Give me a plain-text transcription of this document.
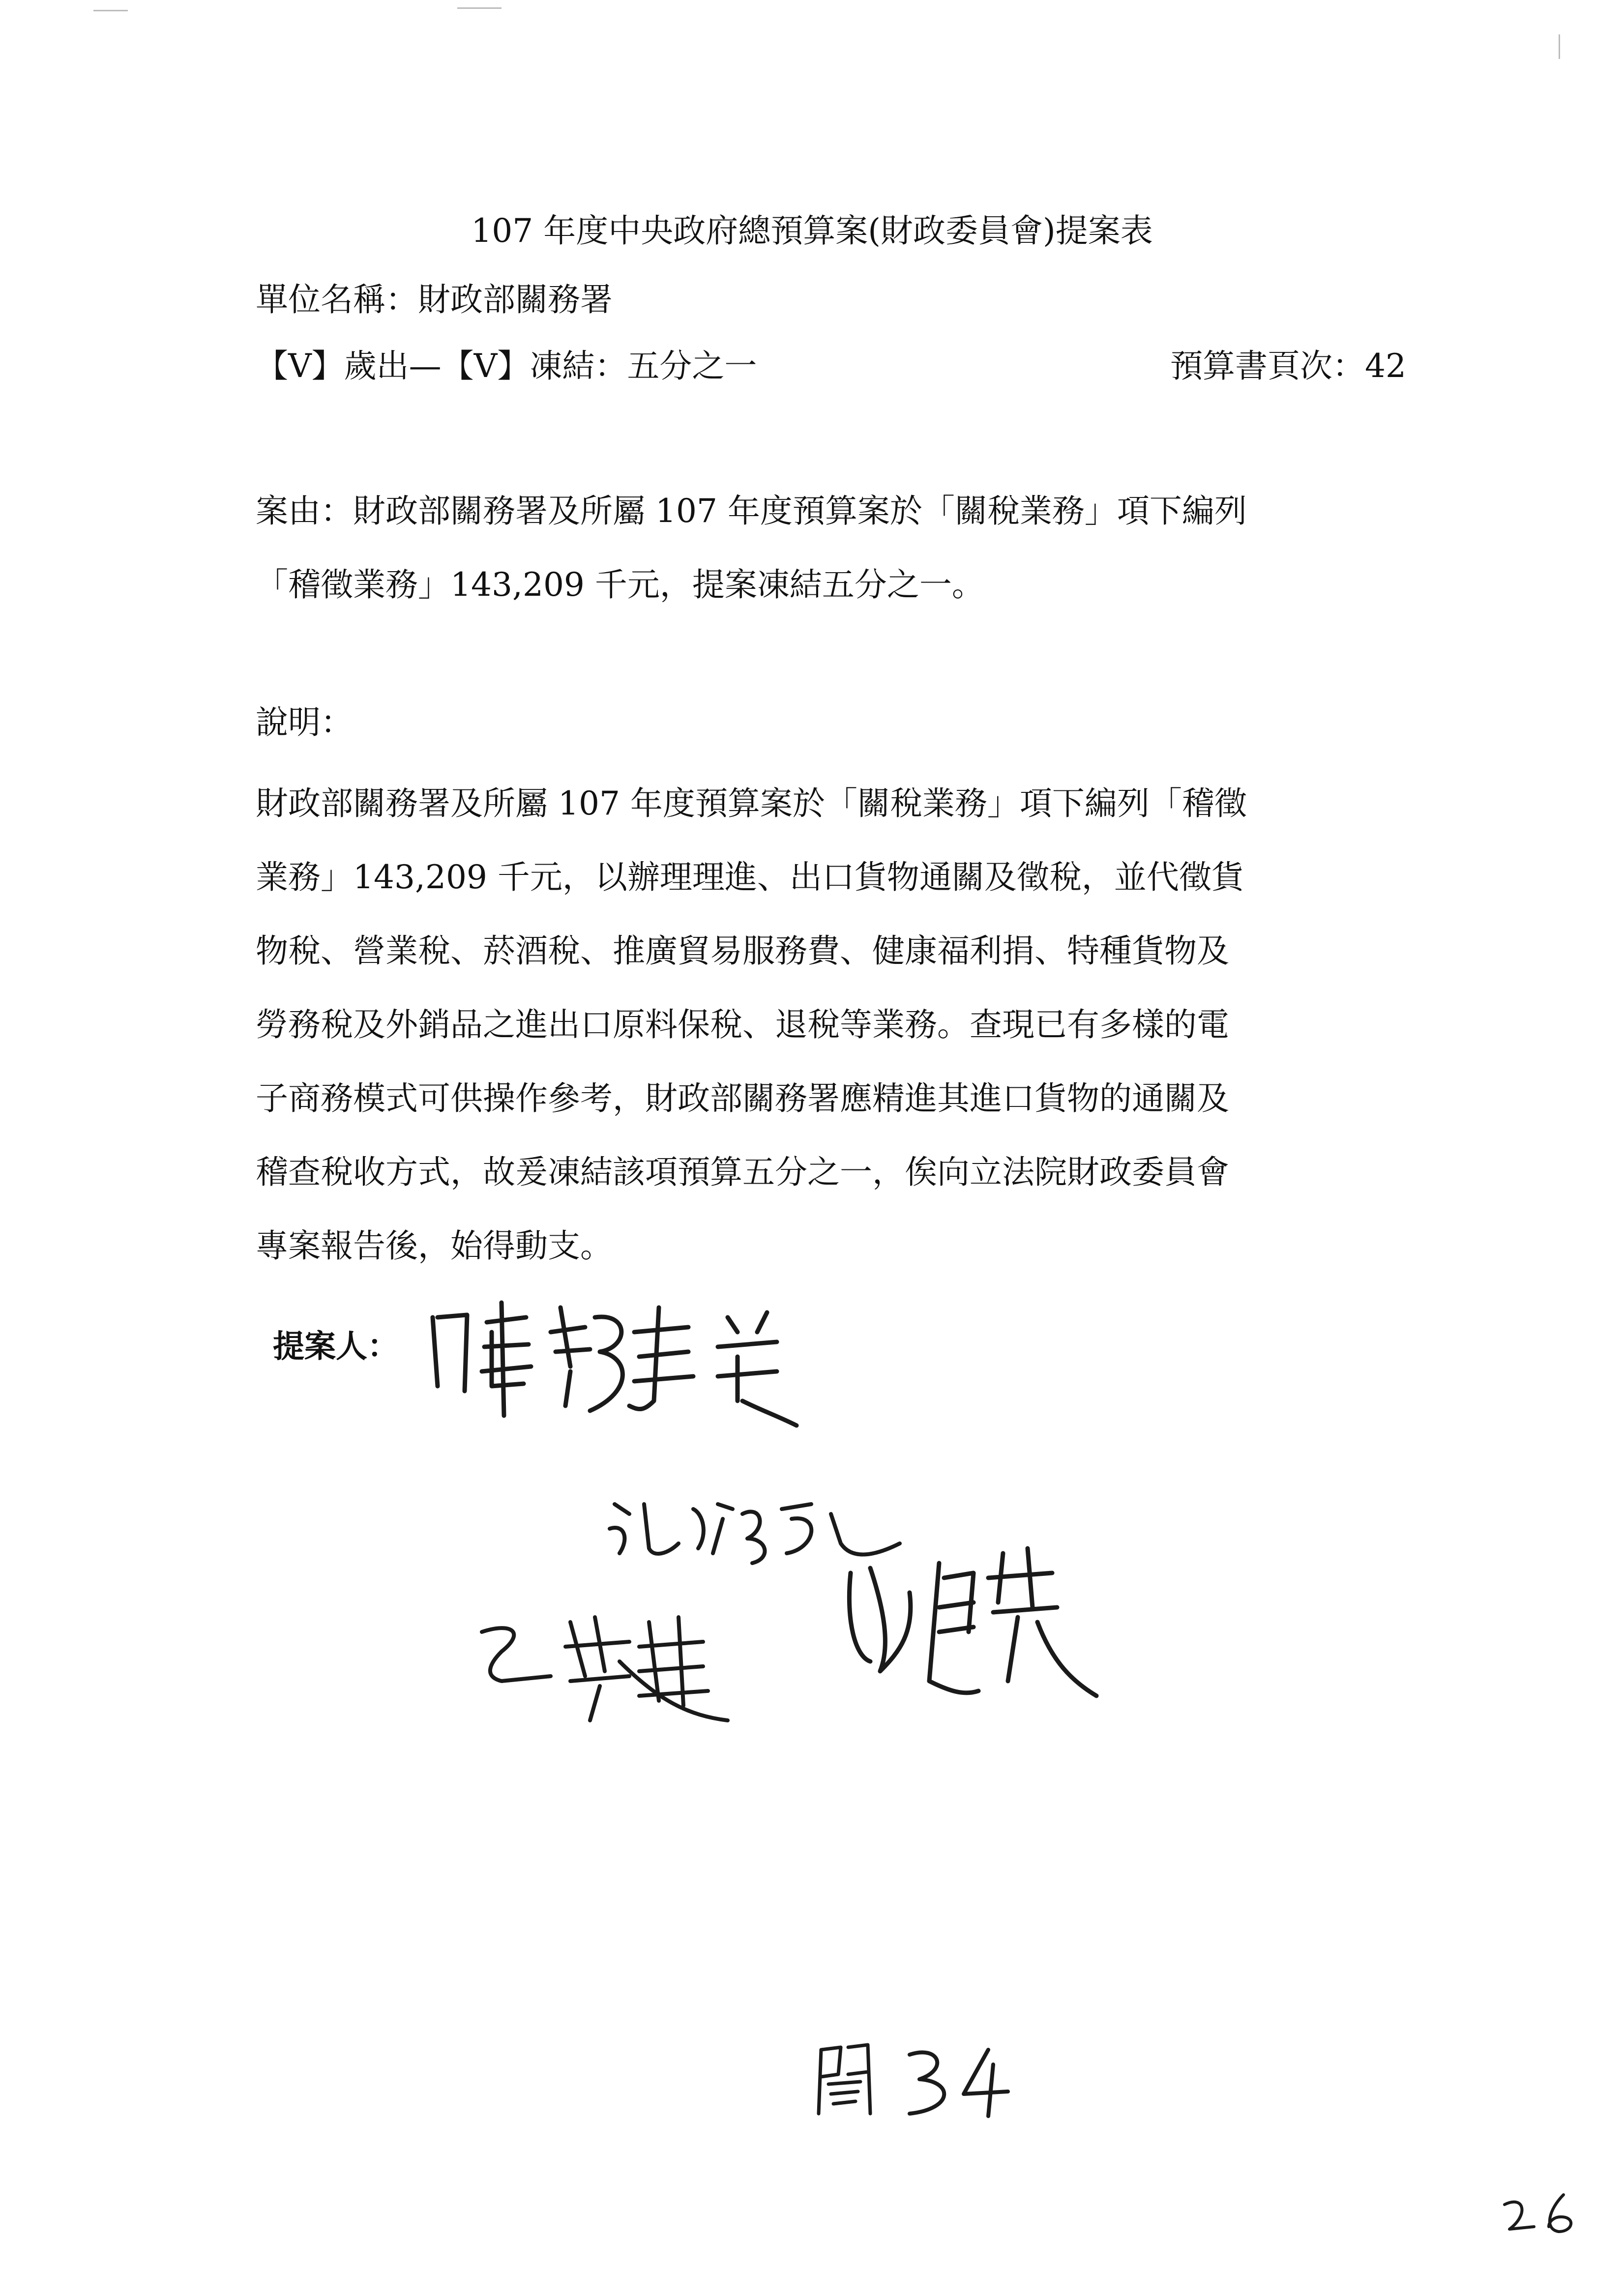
107 年度中央政府總預算案(財政委員會)提案表
單位名稱：財政部關務署
【V】歲出—【V】凍結：五分之一	預算書頁次：42
案由：財政部關務署及所屬 107 年度預算案於「關稅業務」項下編列
「稽徵業務」143,209 千元，提案凍結五分之一。
說明：
財政部關務署及所屬 107 年度預算案於「關稅業務」項下編列「稽徵
業務」143,209 千元，以辦理理進、出口貨物通關及徵稅，並代徵貨
物稅、營業稅、菸酒稅、推廣貿易服務費、健康福利捐、特種貨物及
勞務稅及外銷品之進出口原料保稅、退稅等業務。查現已有多樣的電
子商務模式可供操作參考，財政部關務署應精進其進口貨物的通關及
稽查稅收方式，故爰凍結該項預算五分之一，俟向立法院財政委員會
專案報告後，始得動支。
提案人：
